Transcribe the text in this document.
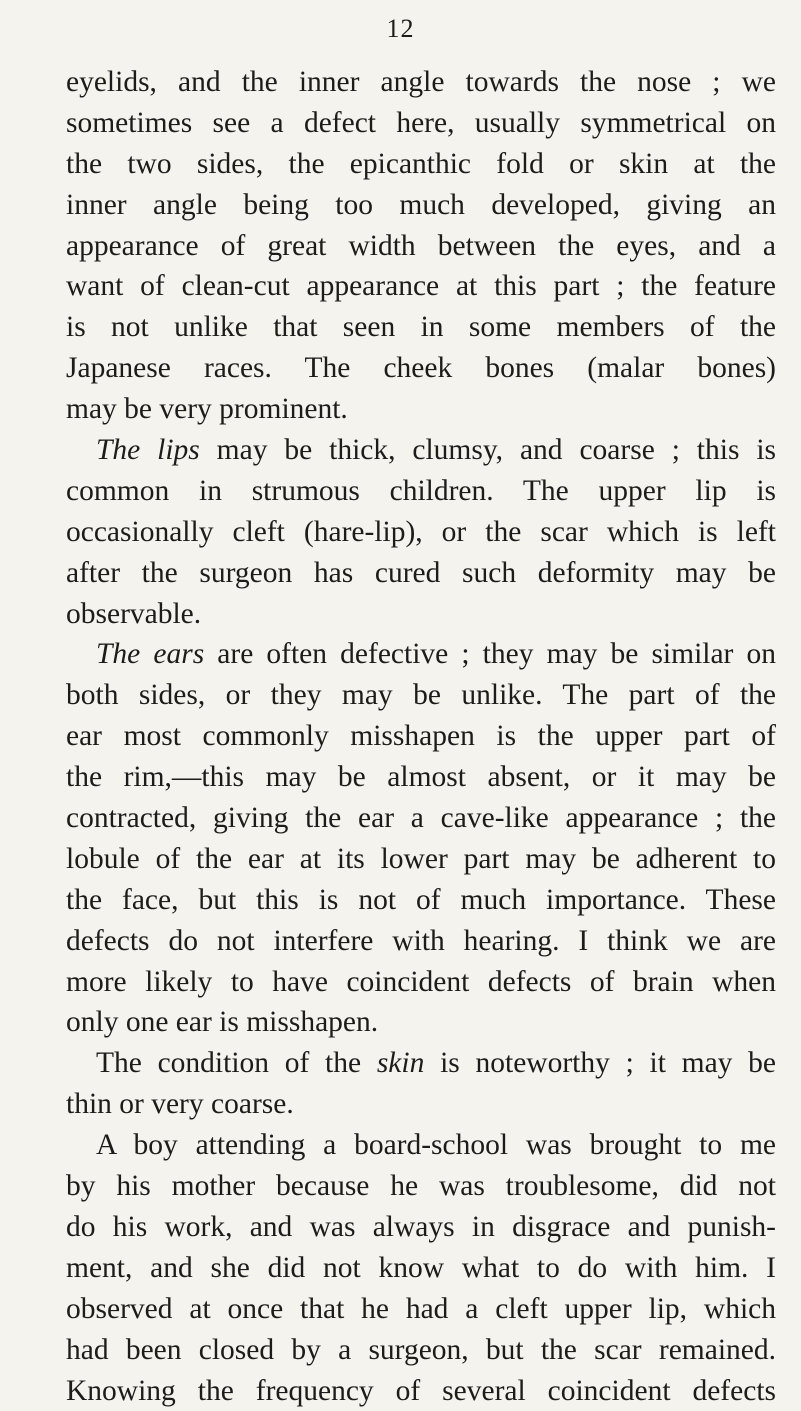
12
eyelids, and the inner angle towards the nose ; we
sometimes see a defect here, usually symmetrical on
the two sides, the epicanthic fold or skin at the
inner angle being too much developed, giving an
appearance of great width between the eyes, and a
want of clean-cut appearance at this part ; the feature
is not unlike that seen in some members of the
Japanese races. The cheek bones (malar bones)
may be very prominent.
The lips may be thick, clumsy, and coarse ; this is
common in strumous children. The upper lip is
occasionally cleft (hare-lip), or the scar which is left
after the surgeon has cured such deformity may be
observable.
The ears are often defective ; they may be similar on
both sides, or they may be unlike. The part of the
ear most commonly misshapen is the upper part of
the rim,—this may be almost absent, or it may be
contracted, giving the ear a cave-like appearance ; the
lobule of the ear at its lower part may be adherent to
the face, but this is not of much importance. These
defects do not interfere with hearing. I think we are
more likely to have coincident defects of brain when
only one ear is misshapen.
The condition of the skin is noteworthy ; it may be
thin or very coarse.
A boy attending a board-school was brought to me
by his mother because he was troublesome, did not
do his work, and was always in disgrace and punish-
ment, and she did not know what to do with him. I
observed at once that he had a cleft upper lip, which
had been closed by a surgeon, but the scar remained.
Knowing the frequency of several coincident defects
